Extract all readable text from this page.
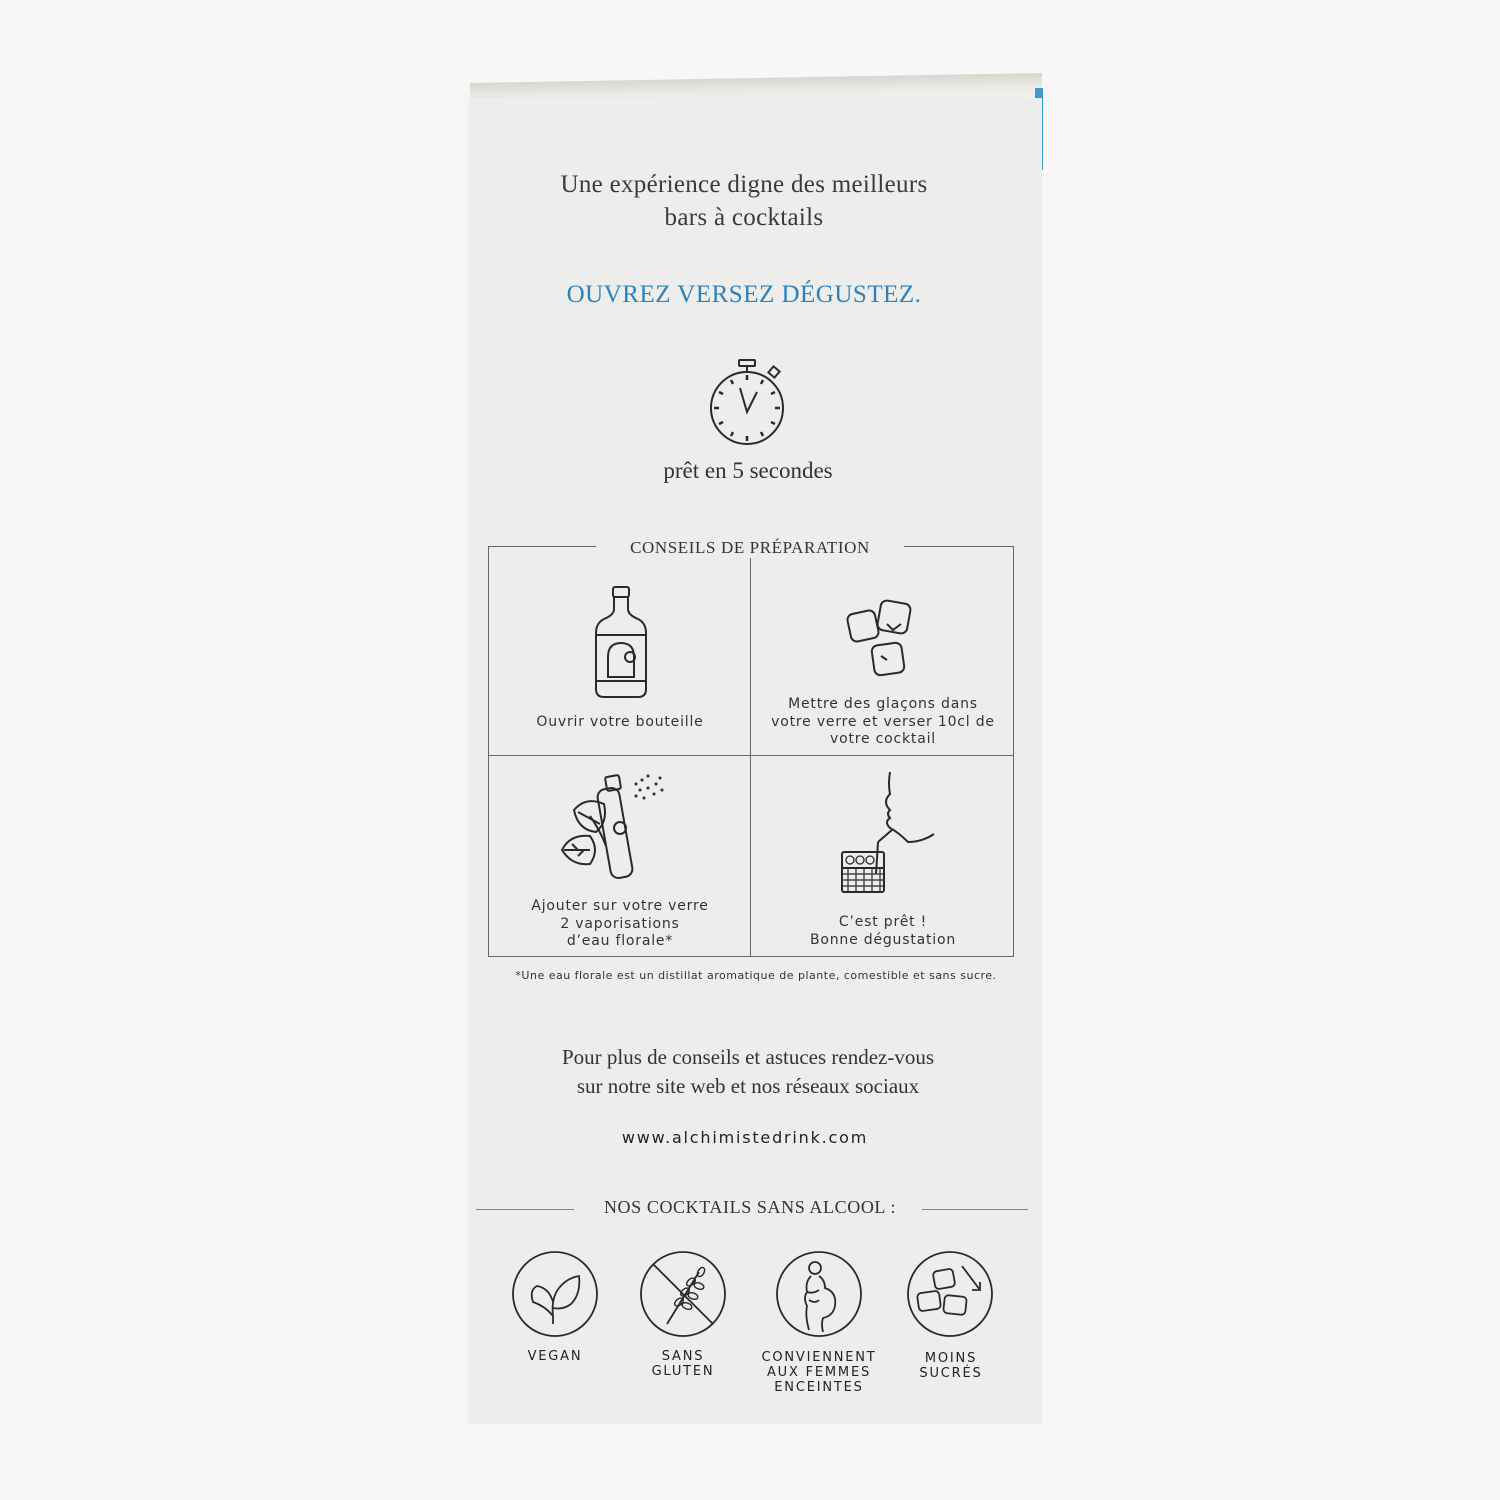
Une expérience digne des meilleurs
bars à cocktails
OUVREZ VERSEZ DÉGUSTEZ.
prêt en 5 secondes
CONSEILS DE PRÉPARATION
Ouvrir votre bouteille
Mettre des glaçons dans
votre verre et verser 10cl de
votre cocktail
Ajouter sur votre verre
2 vaporisations
d’eau florale*
C’est prêt !
Bonne dégustation
*Une eau florale est un distillat aromatique de plante, comestible et sans sucre.
Pour plus de conseils et astuces rendez-vous
sur notre site web et nos réseaux sociaux
www.alchimistedrink.com
NOS COCKTAILS SANS ALCOOL :
VEGAN	SANS
GLUTEN
CONVIENNENT
AUX FEMMES
ENCEINTES
MOINS
SUCRÉS
